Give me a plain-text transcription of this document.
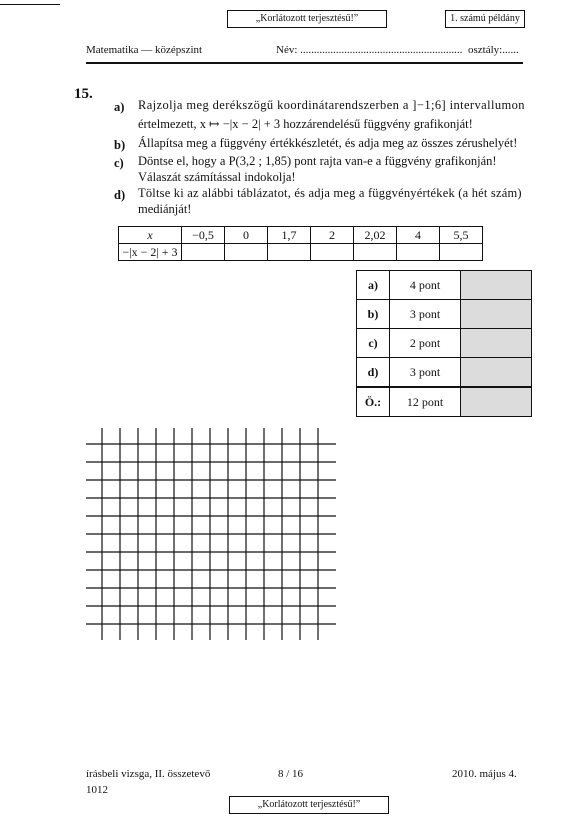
„Korlátozott terjesztésű!”	1. számú példány
Matematika — középszint	Név: ........................................................... osztály:......
15.
a) Rajzolja meg derékszögű koordinátarendszerben a ]−1;6] intervallumon
értelmezett, x ↦ −|x − 2| + 3 hozzárendelésű függvény grafikonját!
b) Állapítsa meg a függvény értékkészletét, és adja meg az összes zérushelyét!
c) Döntse el, hogy a P(3,2 ; 1,85) pont rajta van-e a függvény grafikonján!
Válaszát számítással indokolja!
d) Töltse ki az alábbi táblázatot, és adja meg a függvényértékek (a hét szám)
mediánját!
x	−0,5	0	1,7	2	2,02	4	5,5
−|x − 2| + 3							
a)	4 pont	
b)	3 pont	
c)	2 pont	
d)	3 pont	
Ö.:	12 pont	
írásbeli vizsga, II. összetevő
1012
8 / 16	2010. május 4.
„Korlátozott terjesztésű!”
